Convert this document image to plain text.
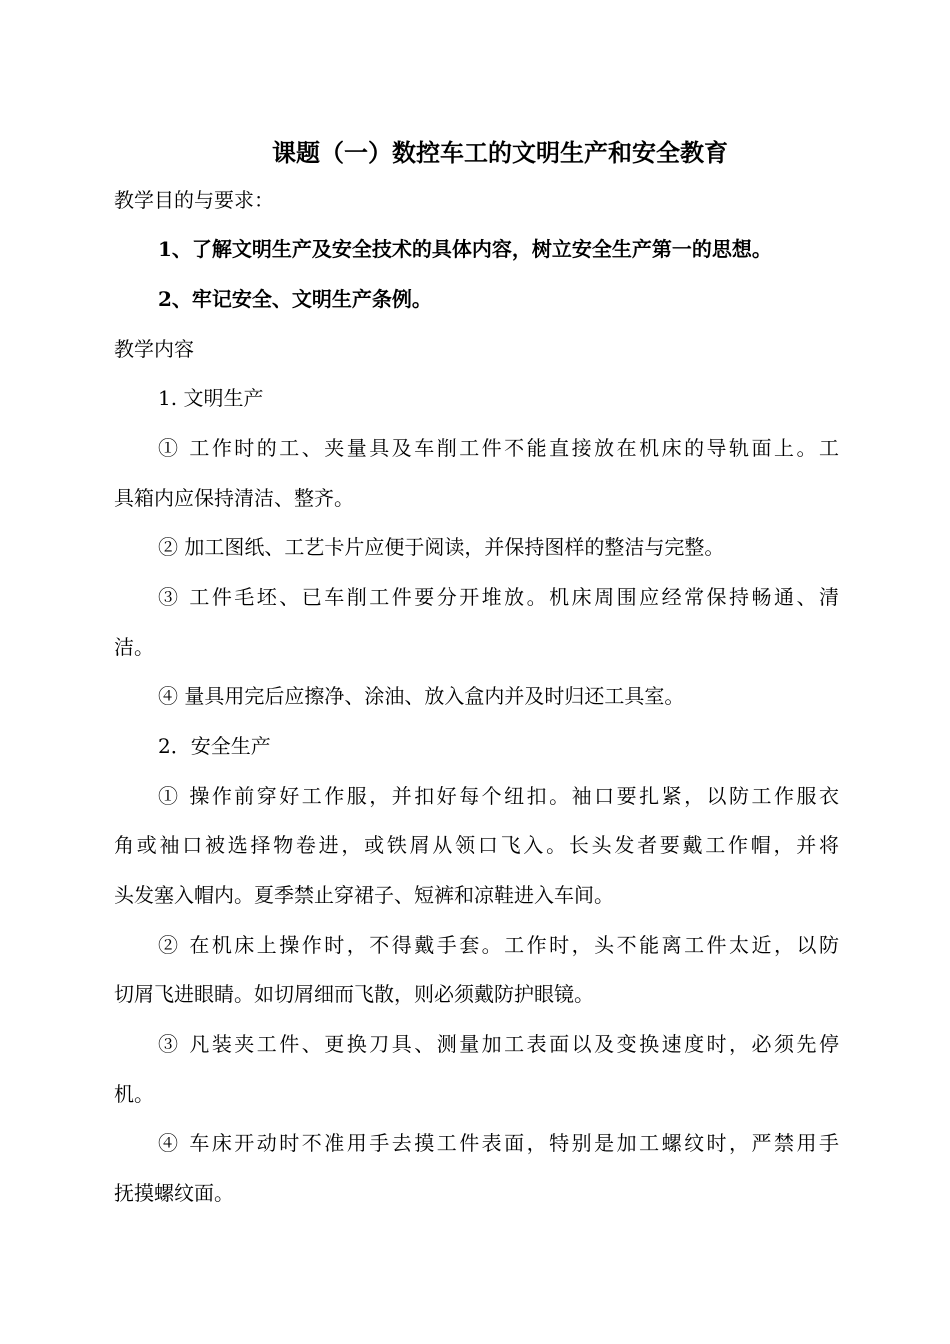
课题（一）数控车工的文明生产和安全教育
教学目的与要求：
1、了解文明生产及安全技术的具体内容，树立安全生产第一的思想。
2、牢记安全、文明生产条例。
教学内容
1. 文明生产
① 工作时的工、夹量具及车削工件不能直接放在机床的导轨面上。工
具箱内应保持清洁、整齐。
② 加工图纸、工艺卡片应便于阅读，并保持图样的整洁与完整。
③ 工件毛坯、已车削工件要分开堆放。机床周围应经常保持畅通、清
洁。
④ 量具用完后应擦净、涂油、放入盒内并及时归还工具室。
2．安全生产
① 操作前穿好工作服，并扣好每个纽扣。袖口要扎紧，以防工作服衣
角或袖口被选择物卷进，或铁屑从领口飞入。长头发者要戴工作帽，并将
头发塞入帽内。夏季禁止穿裙子、短裤和凉鞋进入车间。
② 在机床上操作时，不得戴手套。工作时，头不能离工件太近，以防
切屑飞进眼睛。如切屑细而飞散，则必须戴防护眼镜。
③ 凡装夹工件、更换刀具、测量加工表面以及变换速度时，必须先停
机。
④ 车床开动时不准用手去摸工件表面，特别是加工螺纹时，严禁用手
抚摸螺纹面。
